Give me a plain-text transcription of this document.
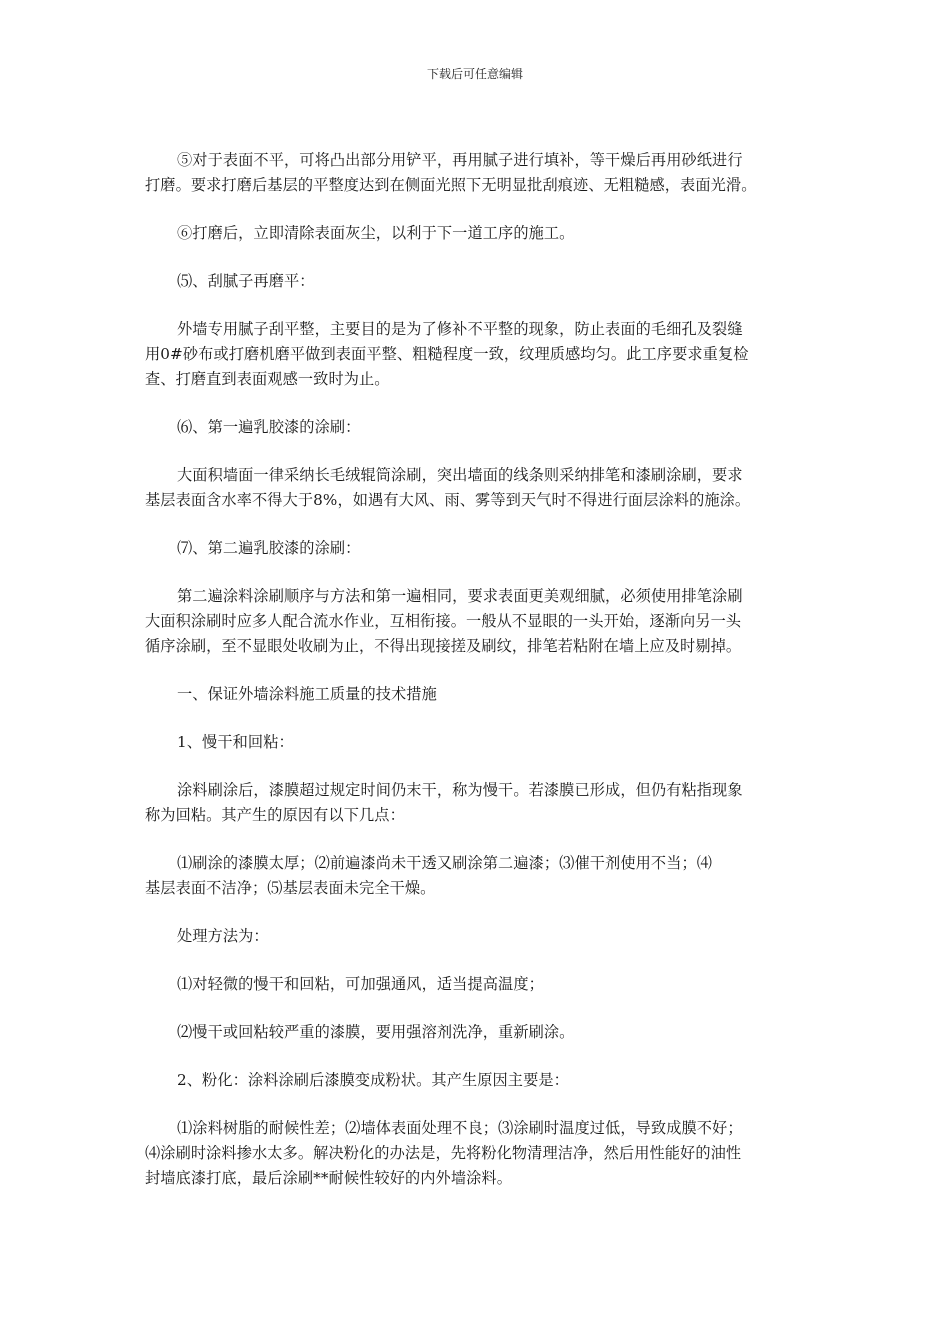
下载后可任意编辑

⑤对于表面不平，可将凸出部分用铲平，再用腻子进行填补，等干燥后再用砂纸进行
打磨。要求打磨后基层的平整度达到在侧面光照下无明显批刮痕迹、无粗糙感，表面光滑。

⑥打磨后，立即清除表面灰尘，以利于下一道工序的施工。

⑸、刮腻子再磨平：

外墙专用腻子刮平整，主要目的是为了修补不平整的现象，防止表面的毛细孔及裂缝
用0#砂布或打磨机磨平做到表面平整、粗糙程度一致，纹理质感均匀。此工序要求重复检
查、打磨直到表面观感一致时为止。

⑹、第一遍乳胶漆的涂刷：

大面积墙面一律采纳长毛绒辊筒涂刷，突出墙面的线条则采纳排笔和漆刷涂刷，要求
基层表面含水率不得大于8%，如遇有大风、雨、雾等到天气时不得进行面层涂料的施涂。

⑺、第二遍乳胶漆的涂刷：

第二遍涂料涂刷顺序与方法和第一遍相同，要求表面更美观细腻，必须使用排笔涂刷
大面积涂刷时应多人配合流水作业，互相衔接。一般从不显眼的一头开始，逐渐向另一头
循序涂刷，至不显眼处收刷为止，不得出现接搓及刷纹，排笔若粘附在墙上应及时剔掉。

一、保证外墙涂料施工质量的技术措施

1、慢干和回粘：

涂料刷涂后，漆膜超过规定时间仍末干，称为慢干。若漆膜已形成，但仍有粘指现象
称为回粘。其产生的原因有以下几点：

⑴刷涂的漆膜太厚；⑵前遍漆尚未干透又刷涂第二遍漆；⑶催干剂使用不当；⑷
基层表面不洁净；⑸基层表面未完全干燥。

处理方法为：

⑴对轻微的慢干和回粘，可加强通风，适当提高温度；

⑵慢干或回粘较严重的漆膜，要用强溶剂洗净，重新刷涂。

2、粉化：涂料涂刷后漆膜变成粉状。其产生原因主要是：

⑴涂料树脂的耐候性差；⑵墙体表面处理不良；⑶涂刷时温度过低，导致成膜不好；
⑷涂刷时涂料掺水太多。解决粉化的办法是，先将粉化物清理洁净，然后用性能好的油性
封墙底漆打底，最后涂刷**耐候性较好的内外墙涂料。
